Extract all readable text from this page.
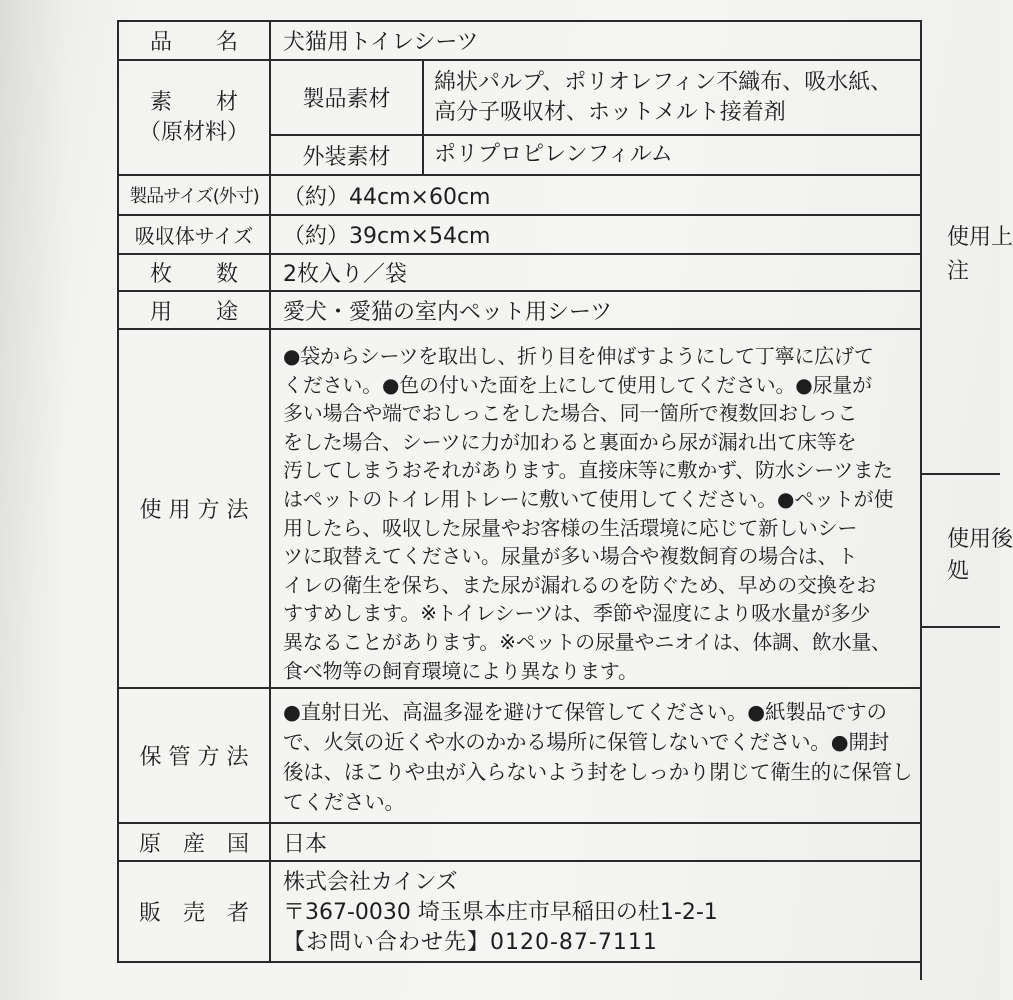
品　　名 犬猫用トイレシーツ
素　　材
（原材料）
製品素材
綿状パルプ、ポリオレフィン不織布、吸水紙、
高分子吸収材、ホットメルト接着剤
外装素材 ポリプロピレンフィルム
製品サイズ(外寸) （約）44cm×60cm
吸収体サイズ （約）39cm×54cm
枚　　数 2枚入り／袋
用　　途 愛犬・愛猫の室内ペット用シーツ
使 用 方 法
●袋からシーツを取出し、折り目を伸ばすようにして丁寧に広げて
ください。●色の付いた面を上にして使用してください。●尿量が
多い場合や端でおしっこをした場合、同一箇所で複数回おしっこ
をした場合、シーツに力が加わると裏面から尿が漏れ出て床等を
汚してしまうおそれがあります。直接床等に敷かず、防水シーツまた
はペットのトイレ用トレーに敷いて使用してください。●ペットが使
用したら、吸収した尿量やお客様の生活環境に応じて新しいシー
ツに取替えてください。尿量が多い場合や複数飼育の場合は、ト
イレの衛生を保ち、また尿が漏れるのを防ぐため、早めの交換をお
すすめします。※トイレシーツは、季節や湿度により吸水量が多少
異なることがあります。※ペットの尿量やニオイは、体調、飲水量、
食べ物等の飼育環境により異なります。
保 管 方 法
●直射日光、高温多湿を避けて保管してください。●紙製品ですの
で、火気の近くや水のかかる場所に保管しないでください。●開封
後は、ほこりや虫が入らないよう封をしっかり閉じて衛生的に保管し
てください。
原　産　国 日本
販　売　者
株式会社カインズ
〒367-0030 埼玉県本庄市早稲田の杜1-2-1
【お問い合わせ先】0120-87-7111
使用上
注
使用後
処
